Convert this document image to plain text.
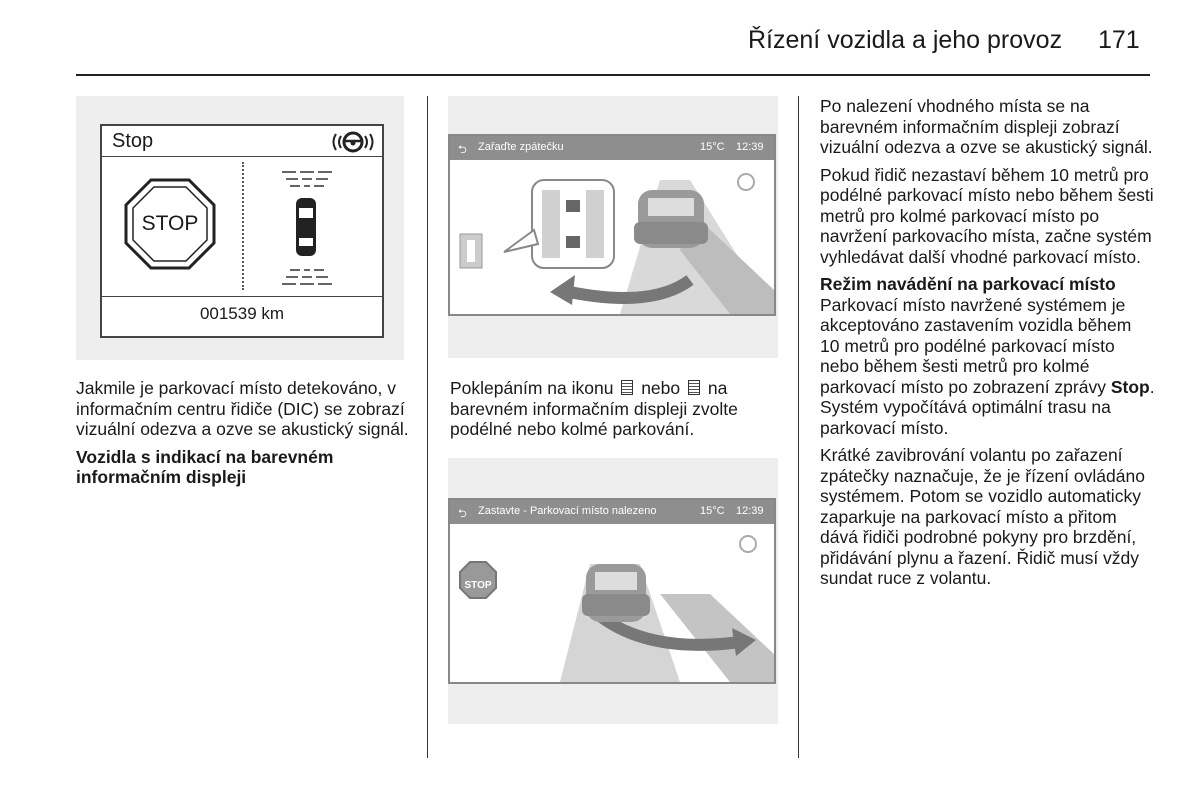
Řízení vozidla a jeho provoz 171
Stop
STOP
001539 km

Jakmile je parkovací místo detekováno, v informačním centru řidiče (DIC) se zobrazí vizuální odezva a ozve se akustický signál.

Vozidla s indikací na barevném informačním displeji

⮌ Zařaďte zpátečku	15°C 12:39

Poklepáním na ikonu nebo na barevném informačním displeji zvolte podélné nebo kolmé parkování.

⮌ Zastavte - Parkovací místo nalezeno	15°C 12:39
STOP

Po nalezení vhodného místa se na barevném informačním displeji zobrazí vizuální odezva a ozve se akustický signál.

Pokud řidič nezastaví během 10 metrů pro podélné parkovací místo nebo během šesti metrů pro kolmé parkovací místo po navržení parkovacího místa, začne systém vyhledávat další vhodné parkovací místo.

Režim navádění na parkovací místo

Parkovací místo navržené systémem je akceptováno zastavením vozidla během 10 metrů pro podélné parkovací místo nebo během šesti metrů pro kolmé parkovací místo po zobrazení zprávy Stop. Systém vypočítává optimální trasu na parkovací místo.

Krátké zavibrování volantu po zařazení zpátečky naznačuje, že je řízení ovládáno systémem. Potom se vozidlo automaticky zaparkuje na parkovací místo a přitom dává řidiči podrobné pokyny pro brzdění, přidávání plynu a řazení. Řidič musí vždy sundat ruce z volantu.
